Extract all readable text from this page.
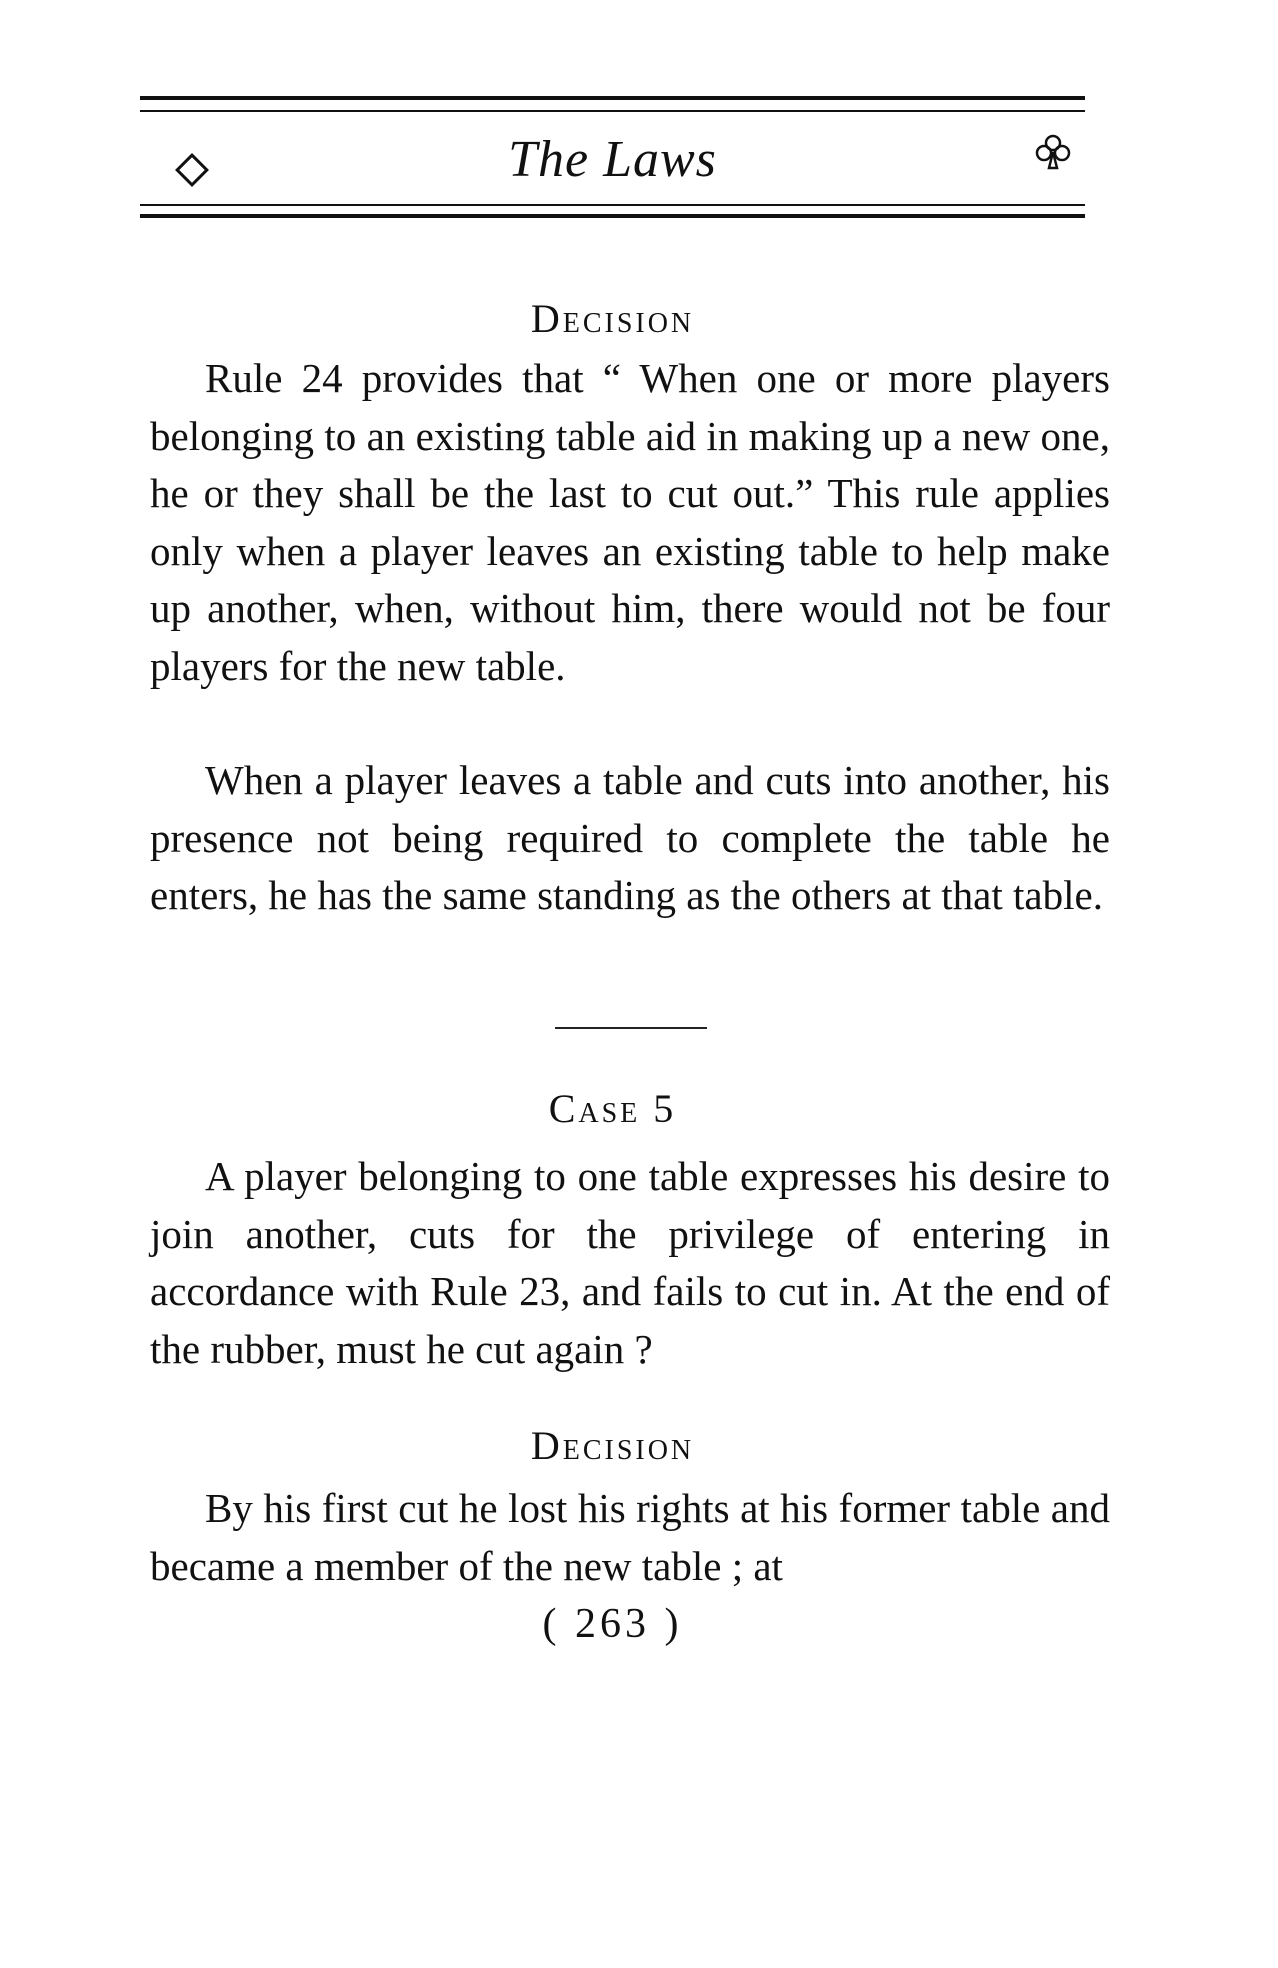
The Laws
Decision

Rule 24 provides that “ When one or more players belonging to an existing table aid in making up a new one, he or they shall be the last to cut out.” This rule applies only when a player leaves an existing table to help make up another, when, without him, there would not be four players for the new table.

When a player leaves a table and cuts into another, his presence not being required to complete the table he enters, he has the same standing as the others at that table.

Case 5

A player belonging to one table expresses his desire to join another, cuts for the privilege of entering in accordance with Rule 23, and fails to cut in. At the end of the rubber, must he cut again ?

Decision

By his first cut he lost his rights at his former table and became a member of the new table ; at

( 263 )
